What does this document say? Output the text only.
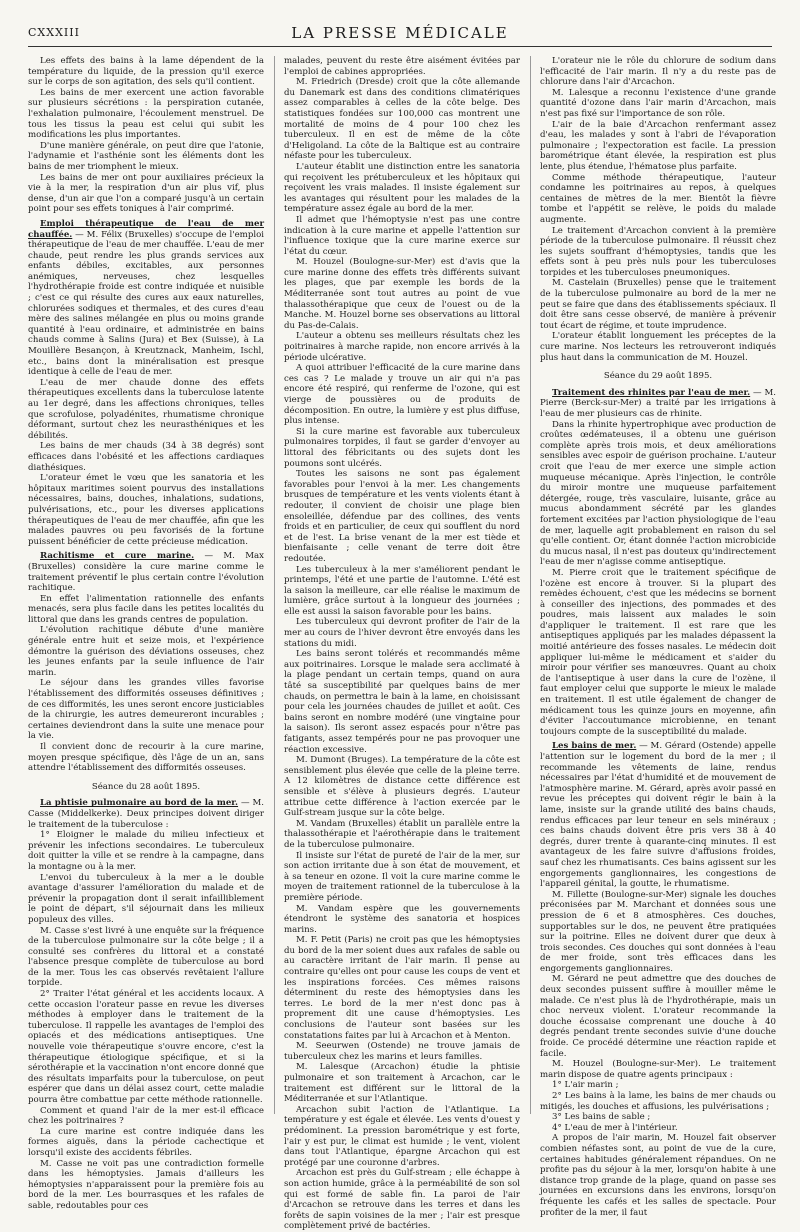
CXXXIII	LA PRESSE MÉDICALE

Les effets des bains à la lame dépendent de la température du liquide, de la pression qu'il exerce sur le corps de son agitation, des sels qu'il contient.

Les bains de mer exercent une action favorable sur plusieurs sécrétions : la perspiration cutanée, l'exhalation pulmonaire, l'écoulement menstruel. De tous les tissus la peau est celui qui subit les modifications les plus importantes.

D'une manière générale, on peut dire que l'atonie, l'adynamie et l'asthénie sont les éléments dont les bains de mer triomphent le mieux.

Les bains de mer ont pour auxiliaires précieux la vie à la mer, la respiration d'un air plus vif, plus dense, d'un air que l'on a comparé jusqu'à un certain point pour ses effets toniques à l'air comprimé.

Emploi thérapeutique de l'eau de mer chauffée. — M. Félix (Bruxelles) s'occupe de l'emploi thérapeutique de l'eau de mer chauffée. L'eau de mer chaude, peut rendre les plus grands services aux enfants débiles, excitables, aux personnes anémiques, nerveuses, chez lesquelles l'hydrothérapie froide est contre indiquée et nuisible ; c'est ce qui résulte des cures aux eaux naturelles, chlorurées sodiques et thermales, et des cures d'eau mère des salines mélangée en plus ou moins grande quantité à l'eau ordinaire, et administrée en bains chauds comme à Salins (Jura) et Bex (Suisse), à La Mouillère Besançon, à Kreutznack, Manheim, Ischl, etc., bains dont la minéralisation est presque identique à celle de l'eau de mer.

L'eau de mer chaude donne des effets thérapeutiques excellents dans la tuberculose latente au 1er degré, dans les affections chroniques, telles que scrofulose, polyadénites, rhumatisme chronique déformant, surtout chez les neurasthéniques et les débilités.

Les bains de mer chauds (34 à 38 degrés) sont efficaces dans l'obésité et les affections cardiaques diathésiques.

L'orateur émet le vœu que les sanatoria et les hôpitaux maritimes soient pourvus des installations nécessaires, bains, douches, inhalations, sudations, pulvérisations, etc., pour les diverses applications thérapeutiques de l'eau de mer chauffée, afin que les malades pauvres ou peu favorisés de la fortune puissent bénéficier de cette précieuse médication.

Rachitisme et cure marine. — M. Max (Bruxelles) considère la cure marine comme le traitement préventif le plus certain contre l'évolution rachitique.

En effet l'alimentation rationnelle des enfants menacés, sera plus facile dans les petites localités du littoral que dans les grands centres de population.

L'évolution rachitique débute d'une manière générale entre huit et seize mois, et l'expérience démontre la guérison des déviations osseuses, chez les jeunes enfants par la seule influence de l'air marin.

Le séjour dans les grandes villes favorise l'établissement des difformités osseuses définitives ; de ces difformités, les unes seront encore justiciables de la chirurgie, les autres demeureront incurables ; certaines deviendront dans la suite une menace pour la vie.

Il convient donc de recourir à la cure marine, moyen presque spécifique, dès l'âge de un an, sans attendre l'établissement des difformités osseuses.

Séance du 28 août 1895.

La phtisie pulmonaire au bord de la mer. — M. Casse (Middelkerke). Deux principes doivent diriger le traitement de la tuberculose :

1° Eloigner le malade du milieu infectieux et prévenir les infections secondaires. Le tuberculeux doit quitter la ville et se rendre à la campagne, dans la montagne ou à la mer.

L'envoi du tuberculeux à la mer a le double avantage d'assurer l'amélioration du malade et de prévenir la propagation dont il serait infailliblement le point de départ, s'il séjournait dans les milieux populeux des villes.

M. Casse s'est livré à une enquête sur la fréquence de la tuberculose pulmonaire sur la côte belge ; il a consulté ses confrères du littoral et a constaté l'absence presque complète de tuberculose au bord de la mer. Tous les cas observés revêtaient l'allure torpide.

2° Traiter l'état général et les accidents locaux. A cette occasion l'orateur passe en revue les diverses méthodes à employer dans le traitement de la tuberculose. Il rappelle les avantages de l'emploi des opiacés et des médications antiseptiques. Une nouvelle voie thérapeutique s'ouvre encore, c'est la thérapeutique étiologique spécifique, et si la sérothérapie et la vaccination n'ont encore donné que des résultats imparfaits pour la tuberculose, on peut espérer que dans un délai assez court, cette maladie pourra être combattue par cette méthode rationnelle.

Comment et quand l'air de la mer est-il efficace chez les poitrinaires ?

La cure marine est contre indiquée dans les formes aiguës, dans la période cachectique et lorsqu'il existe des accidents fébriles.

M. Casse ne voit pas une contradiction formelle dans les hémoptysies. Jamais d'ailleurs les hémoptysies n'apparaissent pour la première fois au bord de la mer. Les bourrasques et les rafales de sable, redoutables pour ces

malades, peuvent du reste être aisément évitées par l'emploi de cabines appropriées.

M. Friedrich (Dresde) croit que la côte allemande du Danemark est dans des conditions climatériques assez comparables à celles de la côte belge. Des statistiques fondées sur 100,000 cas montrent une mortalité de moins de 4 pour 100 chez les tuberculeux. Il en est de même de la côte d'Heligoland. La côte de la Baltique est au contraire néfaste pour les tuberculeux.

L'auteur établit une distinction entre les sanatoria qui reçoivent les prétuberculeux et les hôpitaux qui reçoivent les vrais malades. Il insiste également sur les avantages qui résultent pour les malades de la température assez égale au bord de la mer.

Il admet que l'hémoptysie n'est pas une contre indication à la cure marine et appelle l'attention sur l'influence toxique que la cure marine exerce sur l'état du cœur.

M. Houzel (Boulogne-sur-Mer) est d'avis que la cure marine donne des effets très différents suivant les plages, que par exemple les bords de la Méditerranée sont tout autres au point de vue thalassothérapique que ceux de l'ouest ou de la Manche. M. Houzel borne ses observations au littoral du Pas-de-Calais.

L'auteur a obtenu ses meilleurs résultats chez les poitrinaires à marche rapide, non encore arrivés à la période ulcérative.

A quoi attribuer l'efficacité de la cure marine dans ces cas ? Le malade y trouve un air qui n'a pas encore été respiré, qui renferme de l'ozone, qui est vierge de poussières ou de produits de décomposition. En outre, la lumière y est plus diffuse, plus intense.

Si la cure marine est favorable aux tuberculeux pulmonaires torpides, il faut se garder d'envoyer au littoral des fébricitants ou des sujets dont les poumons sont ulcérés.

Toutes les saisons ne sont pas également favorables pour l'envoi à la mer. Les changements brusques de température et les vents violents étant à redouter, il convient de choisir une plage bien ensoleillée, défendue par des collines, des vents froids et en particulier, de ceux qui soufflent du nord et de l'est. La brise venant de la mer est tiède et bienfaisante ; celle venant de terre doit être redoutée.

Les tuberculeux à la mer s'améliorent pendant le printemps, l'été et une partie de l'automne. L'été est la saison la meilleure, car elle réalise le maximum de lumière, grâce surtout à la longueur des journées ; elle est aussi la saison favorable pour les bains.

Les tuberculeux qui devront profiter de l'air de la mer au cours de l'hiver devront être envoyés dans les stations du midi.

Les bains seront tolérés et recommandés même aux poitrinaires. Lorsque le malade sera acclimaté à la plage pendant un certain temps, quand on aura tâté sa susceptibilité par quelques bains de mer chauds, on permettra le bain à la lame, en choisissant pour cela les journées chaudes de juillet et août. Ces bains seront en nombre modéré (une vingtaine pour la saison). Ils seront assez espacés pour n'être pas fatigants, assez tempérés pour ne pas provoquer une réaction excessive.

M. Dumont (Bruges). La température de la côte est sensiblement plus élevée que celle de la pleine terre. A 12 kilomètres de distance cette différence est sensible et s'élève à plusieurs degrés. L'auteur attribue cette différence à l'action exercée par le Gulf-stream jusque sur la côte belge.

M. Vandam (Bruxelles) établit un parallèle entre la thalassothérapie et l'aérothérapie dans le traitement de la tuberculose pulmonaire.

Il insiste sur l'état de pureté de l'air de la mer, sur son action irritante due à son état de mouvement, et à sa teneur en ozone. Il voit la cure marine comme le moyen de traitement rationnel de la tuberculose à la première période.

M. Vandam espère que les gouvernements étendront le système des sanatoria et hospices marins.

M. F. Petit (Paris) ne croit pas que les hémoptysies du bord de la mer soient dues aux rafales de sable ou au caractère irritant de l'air marin. Il pense au contraire qu'elles ont pour cause les coups de vent et les inspirations forcées. Ces mêmes raisons déterminent du reste des hémoptysies dans les terres. Le bord de la mer n'est donc pas à proprement dit une cause d'hémoptysies. Les conclusions de l'auteur sont basées sur les constatations faites par lui à Arcachon et à Menton.

M. Seeurwen (Ostende) ne trouve jamais de tuberculeux chez les marins et leurs familles.

M. Lalesque (Arcachon) étudie la phtisie pulmonaire et son traitement à Arcachon, car le traitement est différent sur le littoral de la Méditerranée et sur l'Atlantique.

Arcachon subit l'action de l'Atlantique. La température y est égale et élevée. Les vents d'ouest y prédominent. La pression barométrique y est forte, l'air y est pur, le climat est humide ; le vent, violent dans tout l'Atlantique, épargne Arcachon qui est protégé par une couronne d'arbres.

Arcachon est près du Gulf-stream ; elle échappe à son action humide, grâce à la perméabilité de son sol qui est formé de sable fin. La paroi de l'air d'Arcachon se retrouve dans les terres et dans les forêts de sapin voisines de la mer ; l'air est presque complètement privé de bactéries.

L'orateur nie le rôle du chlorure de sodium dans l'efficacité de l'air marin. Il n'y a du reste pas de chlorure dans l'air d'Arcachon.

M. Lalesque a reconnu l'existence d'une grande quantité d'ozone dans l'air marin d'Arcachon, mais n'est pas fixé sur l'importance de son rôle.

L'air de la baie d'Arcachon renfermant assez d'eau, les malades y sont à l'abri de l'évaporation pulmonaire ; l'expectoration est facile. La pression barométrique étant élevée, la respiration est plus lente, plus étendue, l'hématose plus parfaite.

Comme méthode thérapeutique, l'auteur condamne les poitrinaires au repos, à quelques centaines de mètres de la mer. Bientôt la fièvre tombe et l'appétit se relève, le poids du malade augmente.

Le traitement d'Arcachon convient à la première période de la tuberculose pulmonaire. Il réussit chez les sujets souffrant d'hémoptysies, tandis que les effets sont à peu près nuls pour les tuberculoses torpides et les tuberculoses pneumoniques.

M. Castelain (Bruxelles) pense que le traitement de la tuberculose pulmonaire au bord de la mer ne peut se faire que dans des établissements spéciaux. Il doit être sans cesse observé, de manière à prévenir tout écart de régime, et toute imprudence.

L'orateur établit longuement les préceptes de la cure marine. Nos lecteurs les retrouveront indiqués plus haut dans la communication de M. Houzel.

Séance du 29 août 1895.

Traitement des rhinites par l'eau de mer. — M. Pierre (Berck-sur-Mer) a traité par les irrigations à l'eau de mer plusieurs cas de rhinite.

Dans la rhinite hypertrophique avec production de croûtes œdémateuses, il a obtenu une guérison complète après trois mois, et deux améliorations sensibles avec espoir de guérison prochaine. L'auteur croit que l'eau de mer exerce une simple action muqueuse mécanique. Après l'injection, le contrôle du miroir montre une muqueuse parfaitement détergée, rouge, très vasculaire, luisante, grâce au mucus abondamment sécrété par les glandes fortement excitées par l'action physiologique de l'eau de mer, laquelle agit probablement en raison du sel qu'elle contient. Or, étant donnée l'action microbicide du mucus nasal, il n'est pas douteux qu'indirectement l'eau de mer n'agisse comme antiseptique.

M. Pierre croit que le traitement spécifique de l'ozène est encore à trouver. Si la plupart des remèdes échouent, c'est que les médecins se bornent à conseiller des injections, des pommades et des poudres, mais laissent aux malades le soin d'appliquer le traitement. Il est rare que les antiseptiques appliqués par les malades dépassent la moitié antérieure des fosses nasales. Le médecin doit appliquer lui-même le médicament et s'aider du miroir pour vérifier ses manœuvres. Quant au choix de l'antiseptique à user dans la cure de l'ozène, il faut employer celui que supporte le mieux le malade en traitement. Il est utile également de changer de médicament tous les quinze jours en moyenne, afin d'éviter l'accoutumance microbienne, en tenant toujours compte de la susceptibilité du malade.

Les bains de mer. — M. Gérard (Ostende) appelle l'attention sur le logement du bord de la mer ; il recommande les vêtements de laine, rendus nécessaires par l'état d'humidité et de mouvement de l'atmosphère marine. M. Gérard, après avoir passé en revue les préceptes qui doivent régir le bain à la lame, insiste sur la grande utilité des bains chauds, rendus efficaces par leur teneur en sels minéraux ; ces bains chauds doivent être pris vers 38 à 40 degrés, durer trente à quarante-cinq minutes. Il est avantageux de les faire suivre d'affusions froides, sauf chez les rhumatisants. Ces bains agissent sur les engorgements ganglionnaires, les congestions de l'appareil génital, la goutte, le rhumatisme.

M. Fillette (Boulogne-sur-Mer) signale les douches préconisées par M. Marchant et données sous une pression de 6 et 8 atmosphères. Ces douches, supportables sur le dos, ne peuvent être pratiquées sur la poitrine. Elles ne doivent durer que deux à trois secondes. Ces douches qui sont données à l'eau de mer froide, sont très efficaces dans les engorgements ganglionnaires.

M. Gérard ne peut admettre que des douches de deux secondes puissent suffire à mouiller même le malade. Ce n'est plus là de l'hydrothérapie, mais un choc nerveux violent. L'orateur recommande la douche écossaise comprenant une douche à 40 degrés pendant trente secondes suivie d'une douche froide. Ce procédé détermine une réaction rapide et facile.

M. Houzel (Boulogne-sur-Mer). Le traitement marin dispose de quatre agents principaux :

1° L'air marin ;

2° Les bains à la lame, les bains de mer chauds ou mitigés, les douches et affusions, les pulvérisations ;

3° Les bains de sable ;

4° L'eau de mer à l'intérieur.

A propos de l'air marin, M. Houzel fait observer combien néfastes sont, au point de vue de la cure, certaines habitudes généralement répandues. On ne profite pas du séjour à la mer, lorsqu'on habite à une distance trop grande de la plage, quand on passe ses journées en excursions dans les environs, lorsqu'on fréquente les cafés et les salles de spectacle. Pour profiter de la mer, il faut
